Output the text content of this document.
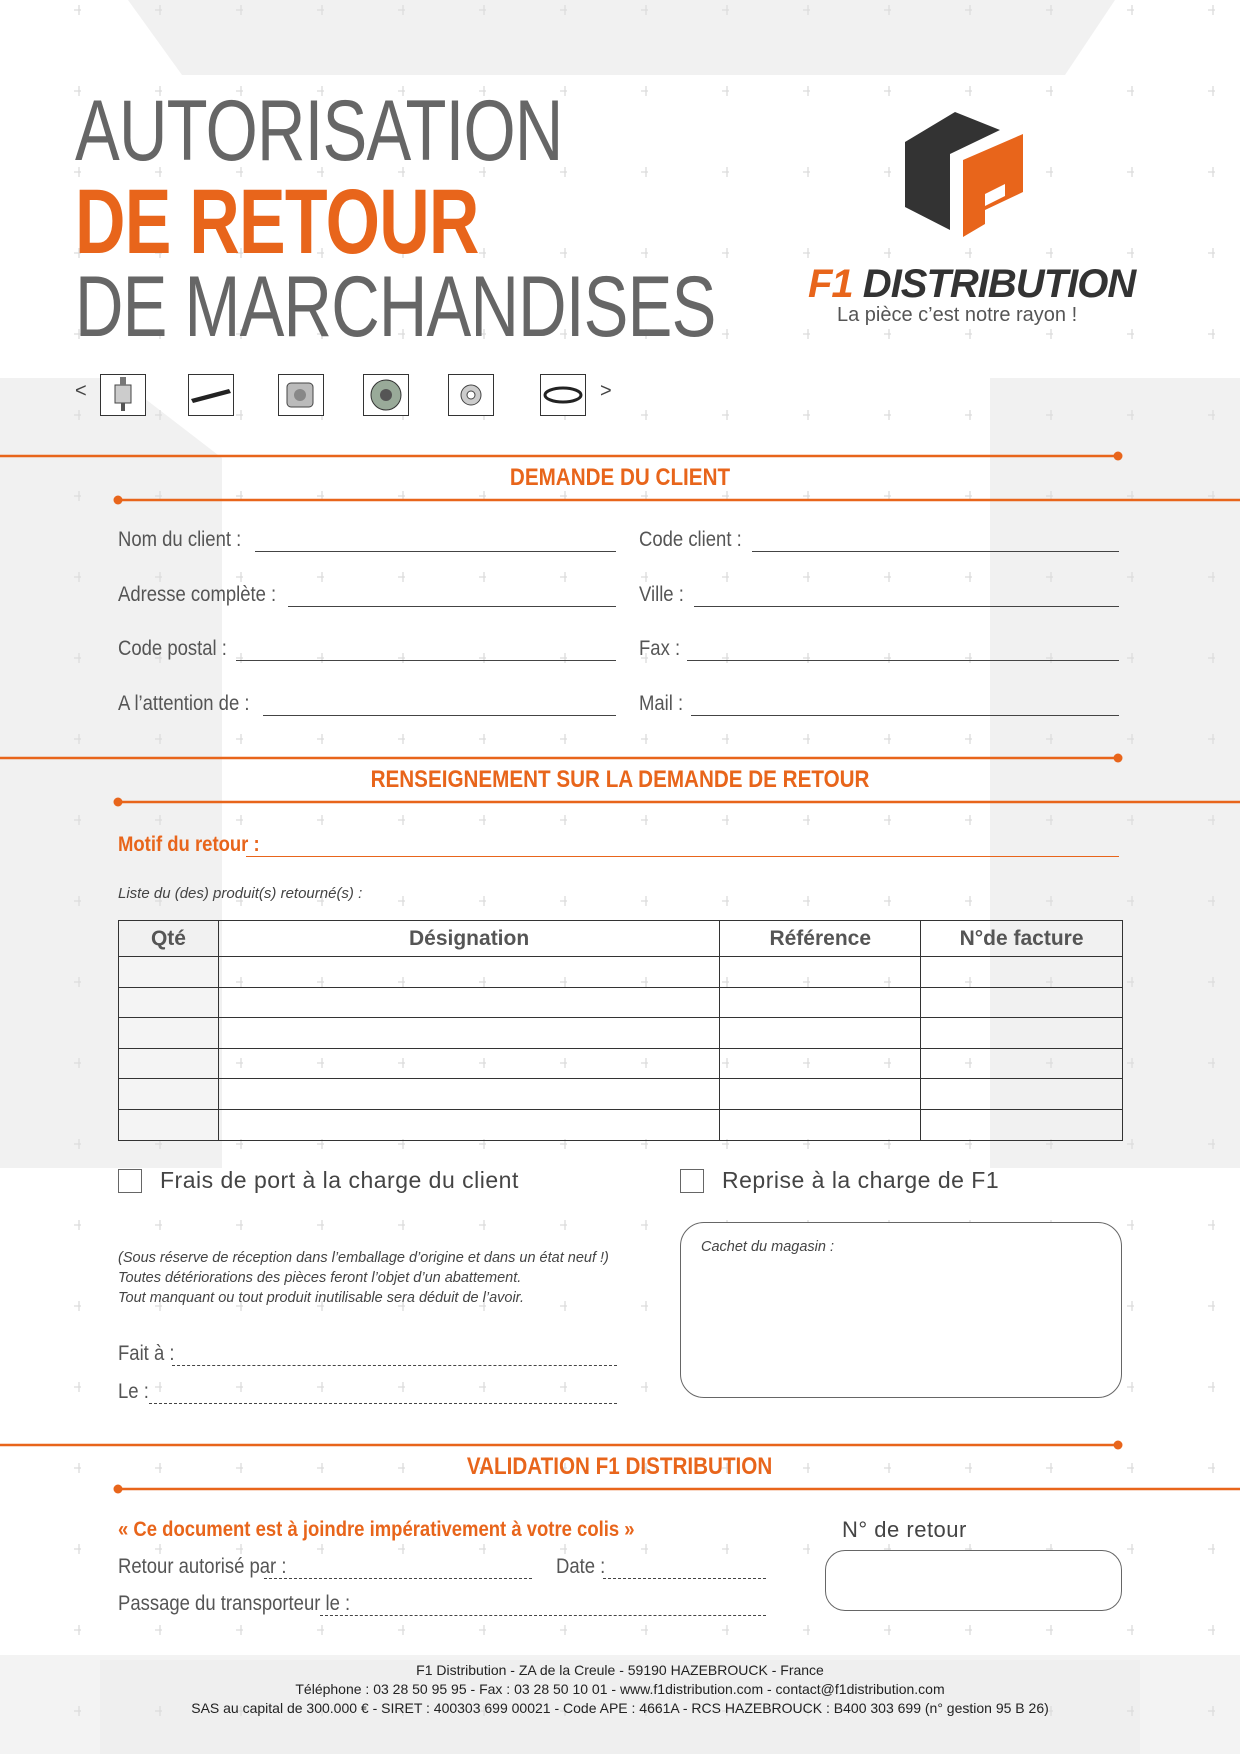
AUTORISATION
DE RETOUR
DE MARCHANDISES F1 DISTRIBUTION
La pièce c’est notre rayon !
<	>
DEMANDE DU CLIENT
Nom du client :	Code client :
Adresse complète :	Ville :
Code postal :	Fax :
A l’attention de :	Mail :
RENSEIGNEMENT SUR LA DEMANDE DE RETOUR
Motif du retour :
Liste du (des) produit(s) retourné(s) :
Qté	Désignation	Référence	N°de facture

Frais de port à la charge du client	Reprise à la charge de F1
(Sous réserve de réception dans l’emballage d’origine et dans un état neuf !)
Toutes détériorations des pièces feront l’objet d’un abattement.
Tout manquant ou tout produit inutilisable sera déduit de l’avoir.
Cachet du magasin :
Fait à :
Le :
VALIDATION F1 DISTRIBUTION
« Ce document est à joindre impérativement à votre colis »
Retour autorisé par :	Date :
Passage du transporteur le :
N° de retour
F1 Distribution - ZA de la Creule - 59190 HAZEBROUCK - France
Téléphone : 03 28 50 95 95 - Fax : 03 28 50 10 01 - www.f1distribution.com - contact@f1distribution.com
SAS au capital de 300.000 € - SIRET : 400303 699 00021 - Code APE : 4661A - RCS HAZEBROUCK : B400 303 699 (n° gestion 95 B 26)
